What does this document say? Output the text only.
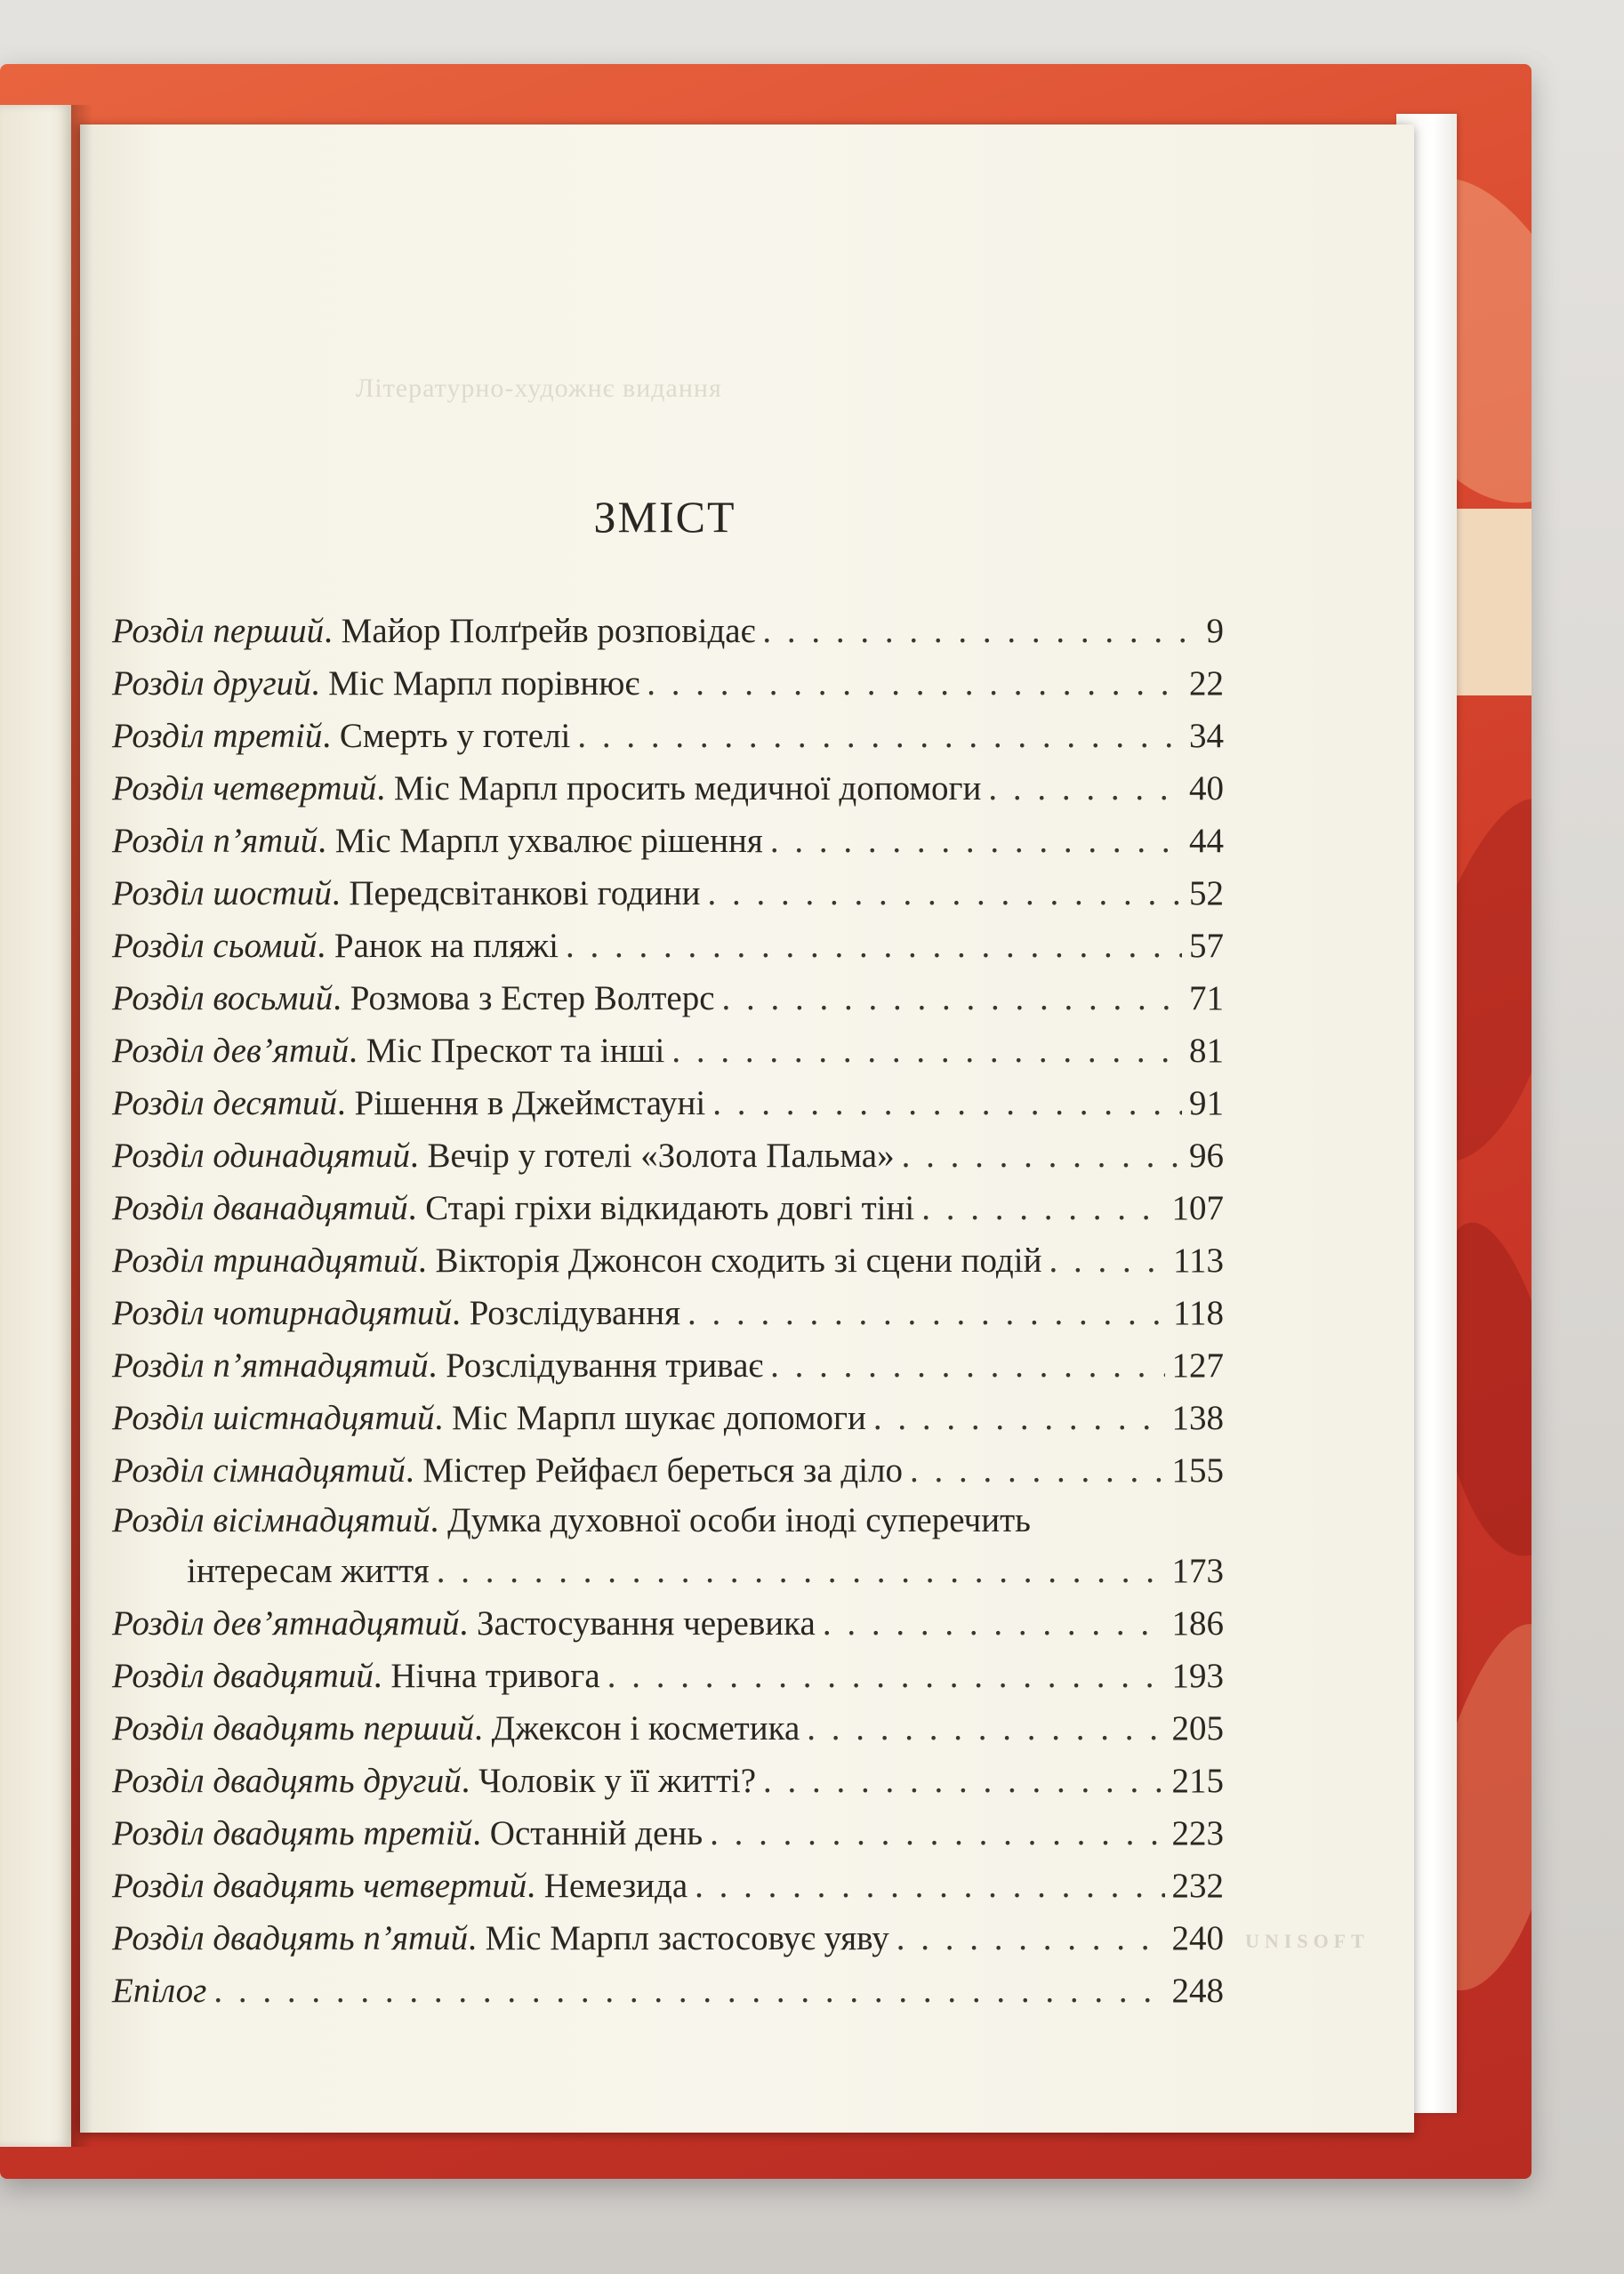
Літературно-художнє видання
UNISOFT
ЗМІСТ
Розділ перший . Майор Полґрейв розповідає . . .	9
Розділ другий . Міс Марпл порівнює . . .	22
Розділ третій . Смерть у готелі . . .	34
Розділ четвертий . Міс Марпл просить медичної допомоги . . .	40
Розділ п’ятий . Міс Марпл ухвалює рішення . . .	44
Розділ шостий . Передсвітанкові години . . .	52
Розділ сьомий . Ранок на пляжі . . .	57
Розділ восьмий . Розмова з Естер Волтерс . . .	71
Розділ дев’ятий . Міс Прескот та інші . . .	81
Розділ десятий . Рішення в Джеймстауні . . .	91
Розділ одинадцятий . Вечір у готелі «Золота Пальма» . . .	96
Розділ дванадцятий . Старі гріхи відкидають довгі тіні . . .	107
Розділ тринадцятий . Вікторія Джонсон сходить зі сцени подій . . .	113
Розділ чотирнадцятий . Розслідування . . .	118
Розділ п’ятнадцятий . Розслідування триває . . .	127
Розділ шістнадцятий . Міс Марпл шукає допомоги . . .	138
Розділ сімнадцятий . Містер Рейфаєл береться за діло . . .	155
Розділ вісімнадцятий . Думка духовної особи іноді суперечить
інтересам життя . . .	173
Розділ дев’ятнадцятий . Застосування черевика . . .	186
Розділ двадцятий . Нічна тривога . . .	193
Розділ двадцять перший . Джексон і косметика . . .	205
Розділ двадцять другий . Чоловік у її житті? . . .	215
Розділ двадцять третій . Останній день . . .	223
Розділ двадцять четвертий . Немезида . . .	232
Розділ двадцять п’ятий . Міс Марпл застосовує уяву . . .	240
Епілог . . .	248
